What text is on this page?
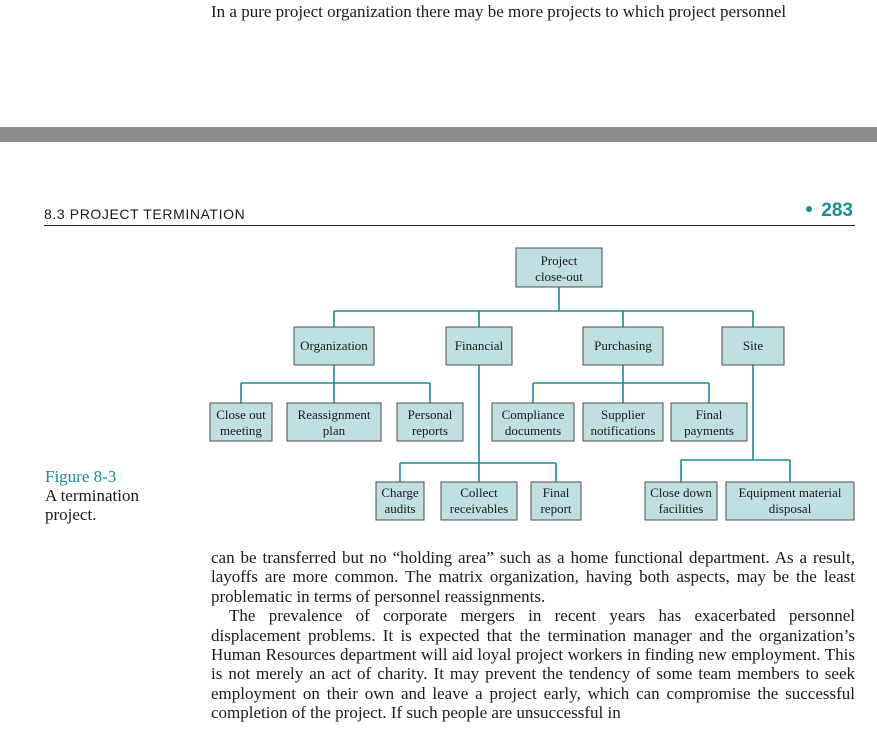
In a pure project organization there may be more projects to which project personnel
8.3 PROJECT TERMINATION	● 283
Figure 8-3
A termination project.
Project
close-out
Organization	Financial	Purchasing	Site
Close out
meeting
Reassignment
plan
Personal
reports
Compliance
documents
Supplier
notifications
Final
payments
Charge
audits
Collect
receivables
Final
report
Close down
facilities
Equipment material
disposal

can be transferred but no “holding area” such as a home functional department. As a result, layoffs are more common. The matrix organization, having both aspects, may be the least problematic in terms of personnel reassignments.

The prevalence of corporate mergers in recent years has exacerbated personnel displacement problems. It is expected that the termination manager and the organization’s Human Resources department will aid loyal project workers in finding new employment. This is not merely an act of charity. It may prevent the tendency of some team members to seek employment on their own and leave a project early, which can compromise the successful completion of the project. If such people are unsuccessful in
